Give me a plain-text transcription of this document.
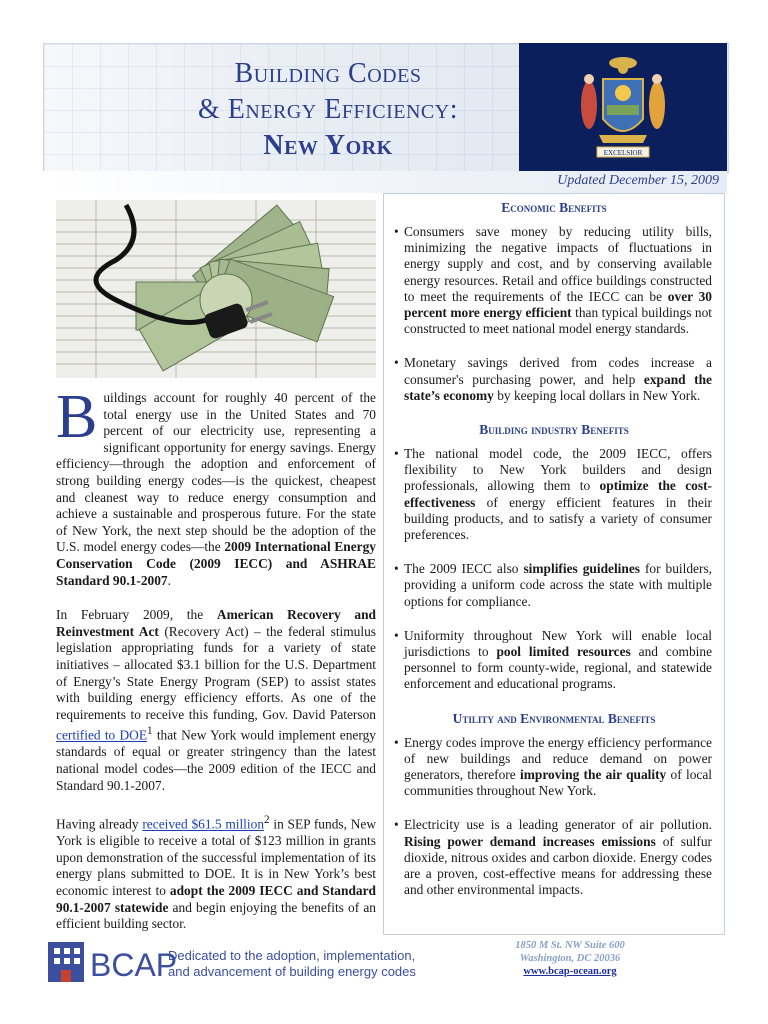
Building Codes
& Energy Efficiency:
New York	EXCELSIOR
Updated December 15, 2009

Buildings account for roughly 40 percent of the total energy use in the United States and 70 percent of our electricity use, representing a significant opportunity for energy savings. Energy efficiency—through the adoption and enforcement of strong building energy codes—is the quickest, cheapest and cleanest way to reduce energy consumption and achieve a sustainable and prosperous future. For the state of New York, the next step should be the adoption of the U.S. model energy codes—the 2009 International Energy Conservation Code (2009 IECC) and ASHRAE Standard 90.1-2007.

In February 2009, the American Recovery and Reinvestment Act (Recovery Act) – the federal stimulus legislation appropriating funds for a variety of state initiatives – allocated $3.1 billion for the U.S. Department of Energy’s State Energy Program (SEP) to assist states with building energy efficiency efforts. As one of the requirements to receive this funding, Gov. David Paterson certified to DOE$^1$ that New York would implement energy standards of equal or greater stringency than the latest national model codes—the 2009 edition of the IECC and Standard 90.1-2007.

Having already received $61.5 million$^2$ in SEP funds, New York is eligible to receive a total of $123 million in grants upon demonstration of the successful implementation of its energy plans submitted to DOE. It is in New York’s best economic interest to adopt the 2009 IECC and Standard 90.1-2007 statewide and begin enjoying the benefits of an efficient building sector.

Economic Benefits
• Consumers save money by reducing utility bills, minimizing the negative impacts of fluctuations in energy supply and cost, and by conserving available energy resources. Retail and office buildings constructed to meet the requirements of the IECC can be over 30 percent more energy efficient than typical buildings not constructed to meet national model energy standards.
• Monetary savings derived from codes increase a consumer's purchasing power, and help expand the state’s economy by keeping local dollars in New York.
Building industry Benefits
• The national model code, the 2009 IECC, offers flexibility to New York builders and design professionals, allowing them to optimize the cost-effectiveness of energy efficient features in their building products, and to satisfy a variety of consumer preferences.
• The 2009 IECC also simplifies guidelines for builders, providing a uniform code across the state with multiple options for compliance.
• Uniformity throughout New York will enable local jurisdictions to pool limited resources and combine personnel to form county-wide, regional, and statewide enforcement and educational programs.
Utility and Environmental Benefits
• Energy codes improve the energy efficiency performance of new buildings and reduce demand on power generators, therefore improving the air quality of local communities throughout New York.
• Electricity use is a leading generator of air pollution. Rising power demand increases emissions of sulfur dioxide, nitrous oxides and carbon dioxide. Energy codes are a proven, cost-effective means for addressing these and other environmental impacts.
BCAP
Dedicated to the adoption, implementation,
and advancement of building energy codes
1850 M St. NW Suite 600
Washington, DC 20036
www.bcap-ocean.org
